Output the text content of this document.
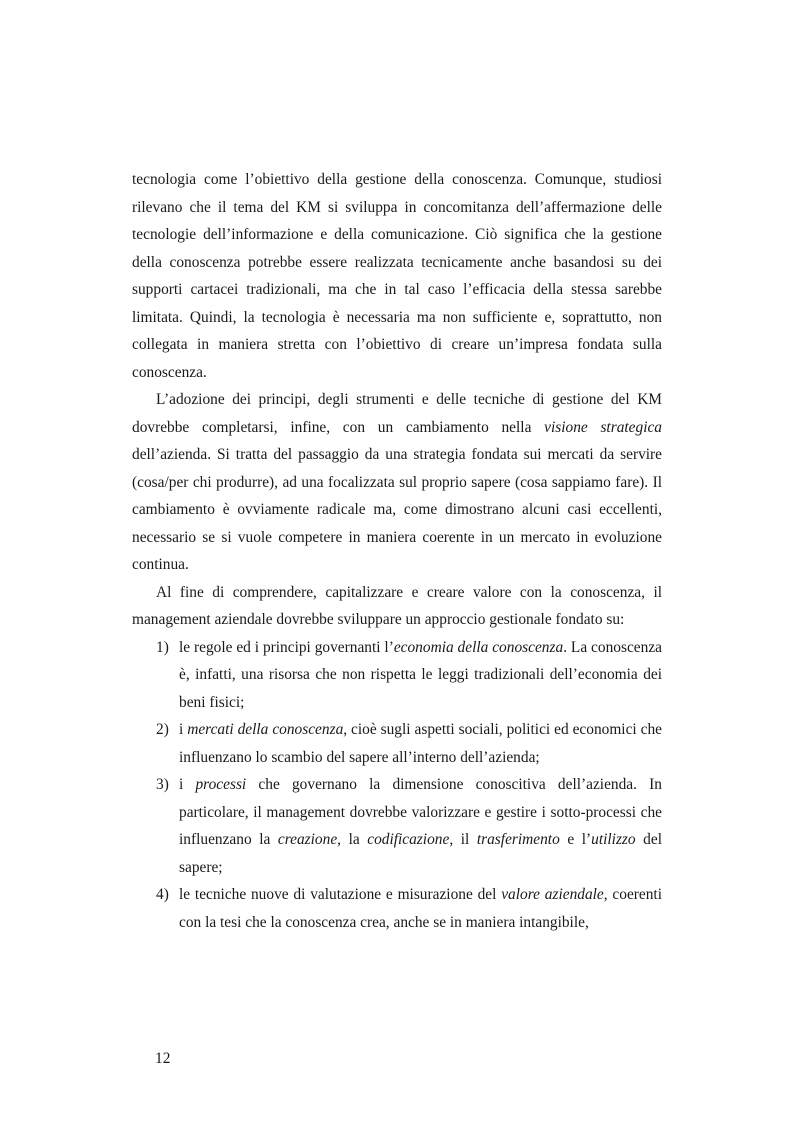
tecnologia come l’obiettivo della gestione della conoscenza. Comunque, studiosi rilevano che il tema del KM si sviluppa in concomitanza dell’affermazione delle tecnologie dell’informazione e della comunicazione. Ciò significa che la gestione della conoscenza potrebbe essere realizzata tecnicamente anche basandosi su dei supporti cartacei tradizionali, ma che in tal caso l’efficacia della stessa sarebbe limitata. Quindi, la tecnologia è necessaria ma non sufficiente e, soprattutto, non collegata in maniera stretta con l’obiettivo di creare un’impresa fondata sulla conoscenza.

L’adozione dei principi, degli strumenti e delle tecniche di gestione del KM dovrebbe completarsi, infine, con un cambiamento nella visione strategica dell’azienda. Si tratta del passaggio da una strategia fondata sui mercati da servire (cosa/per chi produrre), ad una focalizzata sul proprio sapere (cosa sappiamo fare). Il cambiamento è ovviamente radicale ma, come dimostrano alcuni casi eccellenti, necessario se si vuole competere in maniera coerente in un mercato in evoluzione continua.

Al fine di comprendere, capitalizzare e creare valore con la conoscenza, il management aziendale dovrebbe sviluppare un approccio gestionale fondato su:

1) le regole ed i principi governanti l’economia della conoscenza. La conoscenza è, infatti, una risorsa che non rispetta le leggi tradizionali dell’economia dei beni fisici;
2) i mercati della conoscenza, cioè sugli aspetti sociali, politici ed economici che influenzano lo scambio del sapere all’interno dell’azienda;
3) i processi che governano la dimensione conoscitiva dell’azienda. In particolare, il management dovrebbe valorizzare e gestire i sotto-processi che influenzano la creazione, la codificazione, il trasferimento e l’utilizzo del sapere;
4) le tecniche nuove di valutazione e misurazione del valore aziendale, coerenti con la tesi che la conoscenza crea, anche se in maniera intangibile,
12
